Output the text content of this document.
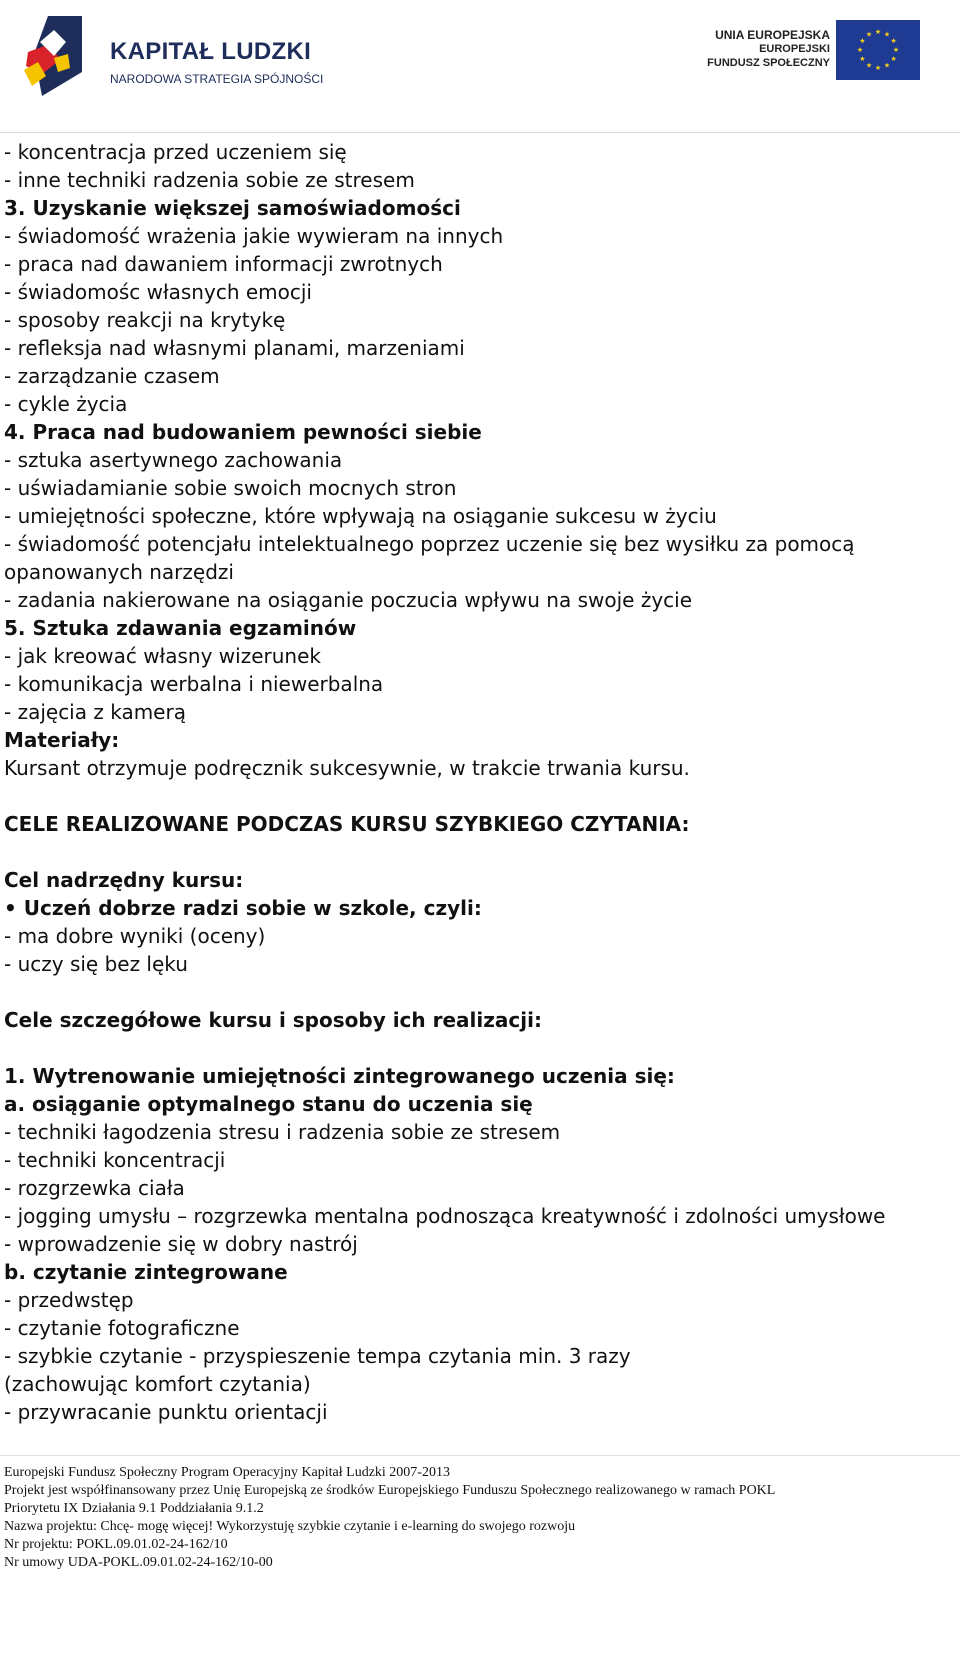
KAPITAŁ LUDZKI
NARODOWA STRATEGIA SPÓJNOŚCI
UNIA EUROPEJSKA
EUROPEJSKI
FUNDUSZ SPOŁECZNY
★ ★
★
★
★
★
★
★
★
★
★
★
- koncentracja przed uczeniem się
- inne techniki radzenia sobie ze stresem
3. Uzyskanie większej samoświadomości
- świadomość wrażenia jakie wywieram na innych
- praca nad dawaniem informacji zwrotnych
- świadomośc własnych emocji
- sposoby reakcji na krytykę
- refleksja nad własnymi planami, marzeniami
- zarządzanie czasem
- cykle życia
4. Praca nad budowaniem pewności siebie
- sztuka asertywnego zachowania
- uświadamianie sobie swoich mocnych stron
- umiejętności społeczne, które wpływają na osiąganie sukcesu w życiu
- świadomość potencjału intelektualnego poprzez uczenie się bez wysiłku za pomocą
opanowanych narzędzi
- zadania nakierowane na osiąganie poczucia wpływu na swoje życie
5. Sztuka zdawania egzaminów
- jak kreować własny wizerunek
- komunikacja werbalna i niewerbalna
- zajęcia z kamerą
Materiały:
Kursant otrzymuje podręcznik sukcesywnie, w trakcie trwania kursu.
CELE REALIZOWANE PODCZAS KURSU SZYBKIEGO CZYTANIA:
Cel nadrzędny kursu:
• Uczeń dobrze radzi sobie w szkole, czyli:
- ma dobre wyniki (oceny)
- uczy się bez lęku
Cele szczegółowe kursu i sposoby ich realizacji:
1. Wytrenowanie umiejętności zintegrowanego uczenia się:
a. osiąganie optymalnego stanu do uczenia się
- techniki łagodzenia stresu i radzenia sobie ze stresem
- techniki koncentracji
- rozgrzewka ciała
- jogging umysłu – rozgrzewka mentalna podnosząca kreatywność i zdolności umysłowe
- wprowadzenie się w dobry nastrój
b. czytanie zintegrowane
- przedwstęp
- czytanie fotograficzne
- szybkie czytanie - przyspieszenie tempa czytania min. 3 razy
(zachowując komfort czytania)
- przywracanie punktu orientacji
Europejski Fundusz Społeczny Program Operacyjny Kapitał Ludzki 2007-2013
Projekt jest współfinansowany przez Unię Europejską ze środków Europejskiego Funduszu Społecznego realizowanego w ramach POKL
Priorytetu IX Działania 9.1 Poddziałania 9.1.2
Nazwa projektu: Chcę- mogę więcej! Wykorzystuję szybkie czytanie i e-learning do swojego rozwoju
Nr projektu: POKL.09.01.02-24-162/10
Nr umowy UDA-POKL.09.01.02-24-162/10-00
